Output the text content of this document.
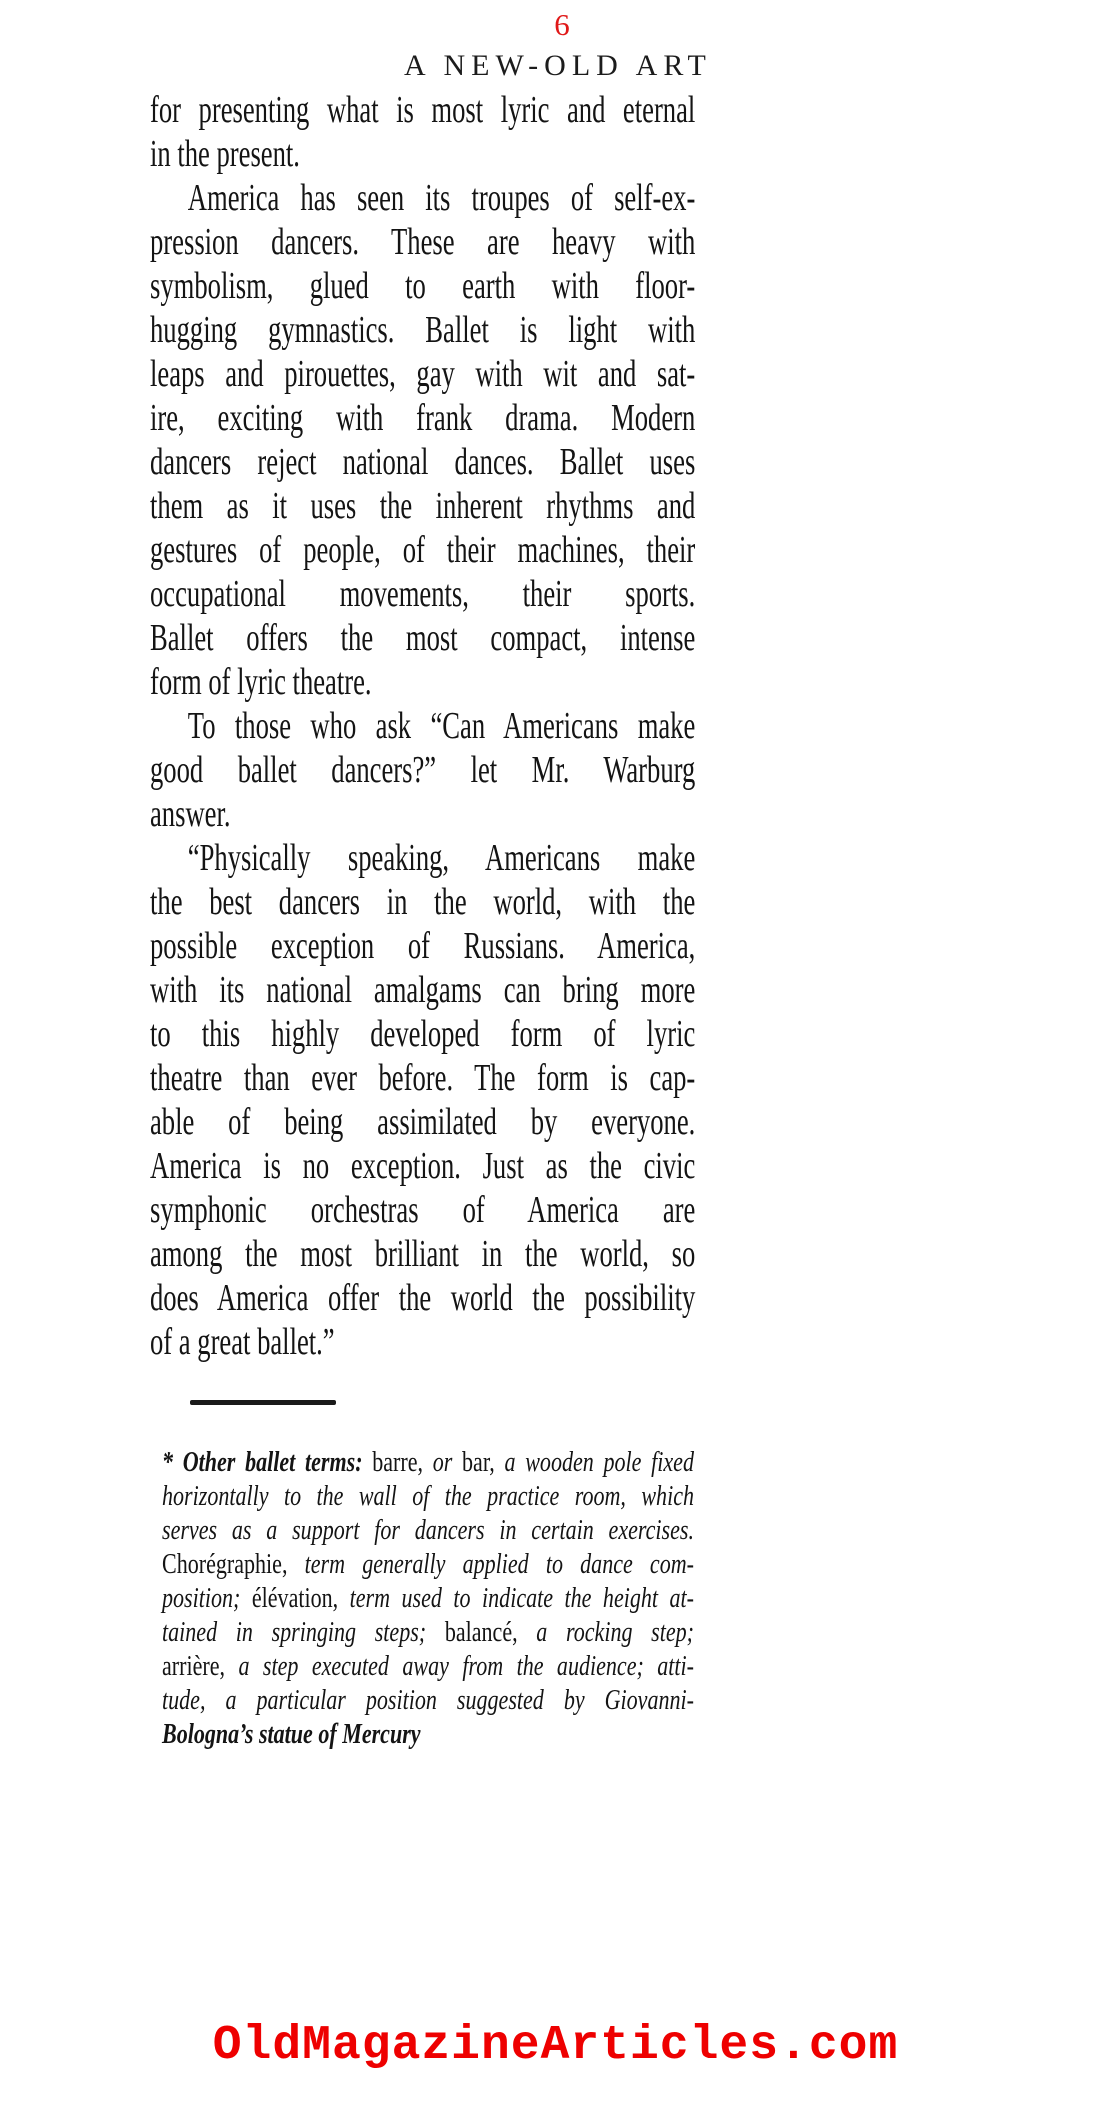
6
A NEW-OLD ART
for presenting what is most lyric and eternal
in the present.
America has seen its troupes of self-ex-
pression dancers. These are heavy with
symbolism, glued to earth with floor-
hugging gymnastics. Ballet is light with
leaps and pirouettes, gay with wit and sat-
ire, exciting with frank drama. Modern
dancers reject national dances. Ballet uses
them as it uses the inherent rhythms and
gestures of people, of their machines, their
occupational movements, their sports.
Ballet offers the most compact, intense
form of lyric theatre.
To those who ask “Can Americans make
good ballet dancers?” let Mr. Warburg
answer.
“Physically speaking, Americans make
the best dancers in the world, with the
possible exception of Russians. America,
with its national amalgams can bring more
to this highly developed form of lyric
theatre than ever before. The form is cap-
able of being assimilated by everyone.
America is no exception. Just as the civic
symphonic orchestras of America are
among the most brilliant in the world, so
does America offer the world the possibility
of a great ballet.”
* Other ballet terms: barre, or bar, a wooden pole fixed
horizontally to the wall of the practice room, which
serves as a support for dancers in certain exercises.
Chorégraphie, term generally applied to dance com-
position; élévation, term used to indicate the height at-
tained in springing steps; balancé, a rocking step;
arrière, a step executed away from the audience; atti-
tude, a particular position suggested by Giovanni-
Bologna’s statue of Mercury
OldMagazineArticles.com
